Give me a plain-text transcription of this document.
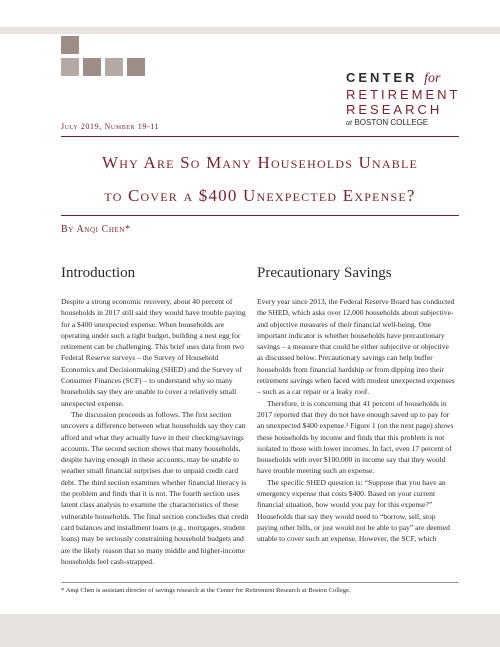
CENTER for
RETIREMENT
RESEARCH
at BOSTON COLLEGE
July 2019, Number 19-11
Why Are So Many Households Unable
to Cover a $400 Unexpected Expense?
By Anqi Chen*
Introduction	Precautionary Savings

Despite a strong economic recovery, about 40 percent of households in 2017 still said they would have trouble paying for a $400 unexpected expense. When households are operating under such a tight budget, building a nest egg for retirement can be challenging. This brief uses data from two Federal Reserve surveys – the Survey of Household Economics and Decisionmaking (SHED) and the Survey of Consumer Finances (SCF) – to understand why so many households say they are unable to cover a relatively small unexpected expense.

The discussion proceeds as follows. The first section uncovers a difference between what households say they can afford and what they actually have in their checking/savings accounts. The second section shows that many households, despite having enough in these accounts, may be unable to weather small financial surprises due to unpaid credit card debt. The third section examines whether financial literacy is the problem and finds that it is not. The fourth section uses latent class analysis to examine the characteristics of these vulnerable households. The final section concludes that credit card balances and installment loans (e.g., mortgages, student loans) may be seriously constraining household budgets and are the likely reason that so many middle and higher-income households feel cash-strapped.

Every year since 2013, the Federal Reserve Board has conducted the SHED, which asks over 12,000 households about subjective-and objective measures of their financial well-being. One important indicator is whether households have precautionary savings – a measure that could be either subjective or objective as discussed below. Precautionary savings can help buffer households from financial hardship or from dipping into their retirement savings when faced with modest unexpected expenses – such as a car repair or a leaky roof.

Therefore, it is concerning that 41 percent of households in 2017 reported that they do not have enough saved up to pay for an unexpected $400 expense.¹ Figure 1 (on the next page) shows these households by income and finds that this problem is not isolated to those with lower incomes. In fact, even 17 percent of households with over $100,000 in income say that they would have trouble meeting such an expense.

The specific SHED question is: “Suppose that you have an emergency expense that costs $400. Based on your current financial situation, how would you pay for this expense?” Households that say they would need to “borrow, sell, stop paying other bills, or just would not be able to pay” are deemed unable to cover such an expense. However, the SCF, which

* Anqi Chen is assistant director of savings research at the Center for Retirement Research at Boston College.
